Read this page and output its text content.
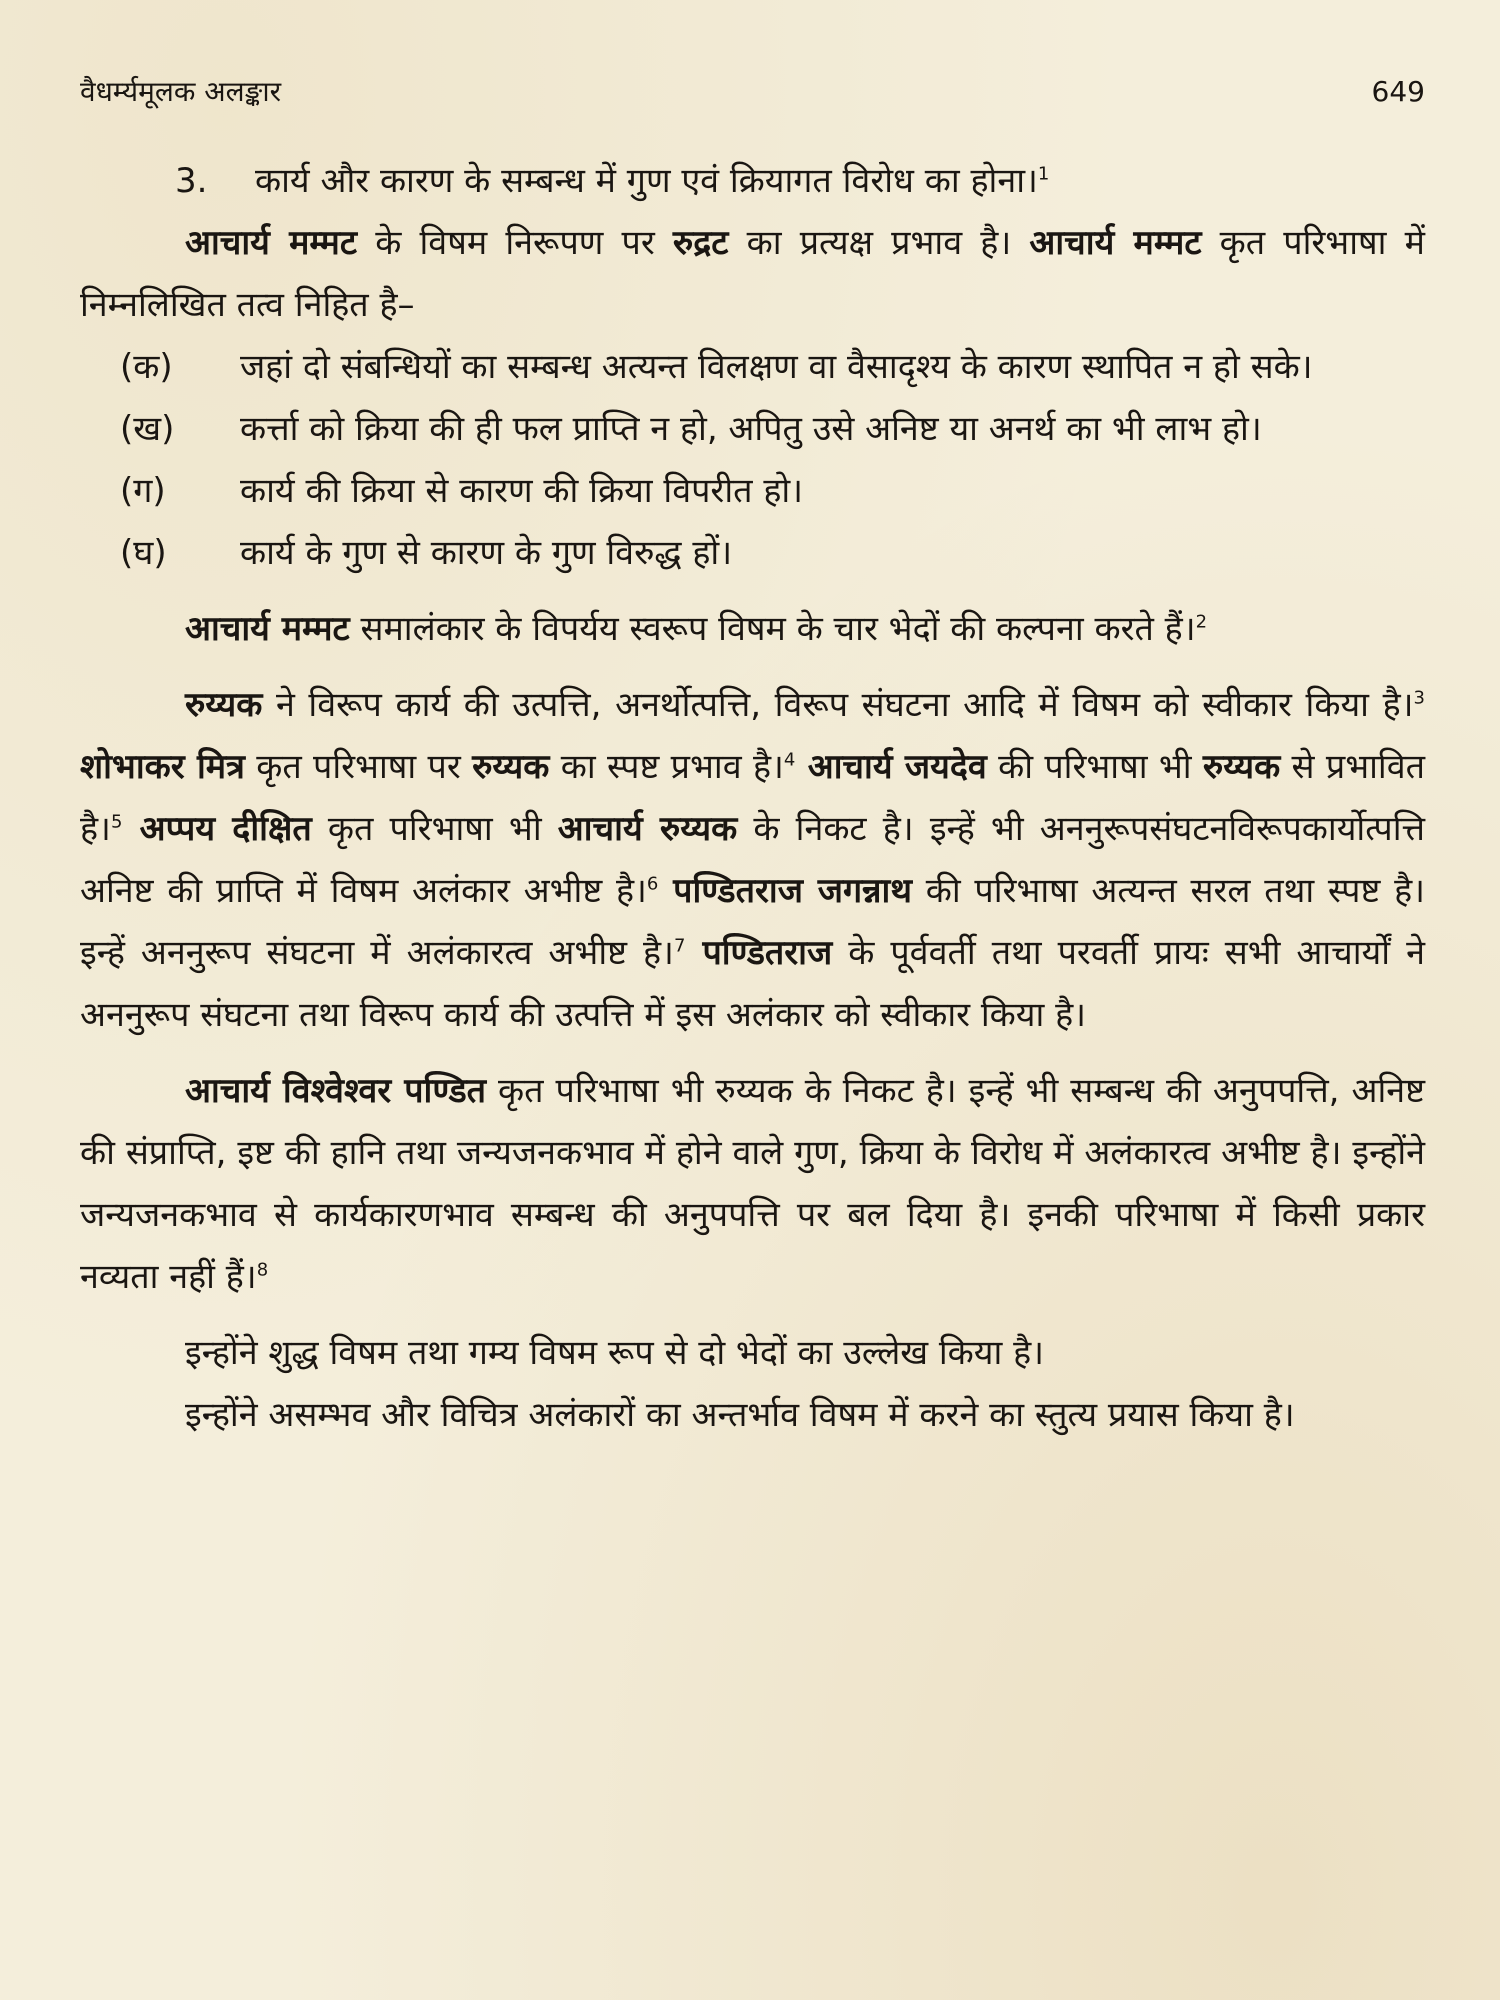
वैधर्म्यमूलक अलङ्कार	649
3.	कार्य और कारण के सम्बन्ध में गुण एवं क्रियागत विरोध का होना।$^1$

आचार्य मम्मट के विषम निरूपण पर रुद्रट का प्रत्यक्ष प्रभाव है। आचार्य मम्मट कृत परिभाषा में निम्नलिखित तत्व निहित है–

(क)	जहां दो संबन्धियों का सम्बन्ध अत्यन्त विलक्षण वा वैसादृश्य के कारण स्थापित न हो सके।
(ख)	कर्त्ता को क्रिया की ही फल प्राप्ति न हो, अपितु उसे अनिष्ट या अनर्थ का भी लाभ हो।
(ग)	कार्य की क्रिया से कारण की क्रिया विपरीत हो।
(घ)	कार्य के गुण से कारण के गुण विरुद्ध हों।

आचार्य मम्मट समालंकार के विपर्यय स्वरूप विषम के चार भेदों की कल्पना करते हैं।$^2$

रुय्यक ने विरूप कार्य की उत्पत्ति, अनर्थोत्पत्ति, विरूप संघटना आदि में विषम को स्वीकार किया है।$^3$ शोभाकर मित्र कृत परिभाषा पर रुय्यक का स्पष्ट प्रभाव है।$^4$ आचार्य जयदेव की परिभाषा भी रुय्यक से प्रभावित है।$^5$ अप्पय दीक्षित कृत परिभाषा भी आचार्य रुय्यक के निकट है। इन्हें भी अननुरूपसंघटनविरूपकार्योत्पत्ति अनिष्ट की प्राप्ति में विषम अलंकार अभीष्ट है।$^6$ पण्डितराज जगन्नाथ की परिभाषा अत्यन्त सरल तथा स्पष्ट है। इन्हें अननुरूप संघटना में अलंकारत्व अभीष्ट है।$^7$ पण्डितराज के पूर्ववर्ती तथा परवर्ती प्रायः सभी आचार्यों ने अननुरूप संघटना तथा विरूप कार्य की उत्पत्ति में इस अलंकार को स्वीकार किया है।

आचार्य विश्वेश्वर पण्डित कृत परिभाषा भी रुय्यक के निकट है। इन्हें भी सम्बन्ध की अनुपपत्ति, अनिष्ट की संप्राप्ति, इष्ट की हानि तथा जन्यजनकभाव में होने वाले गुण, क्रिया के विरोध में अलंकारत्व अभीष्ट है। इन्होंने जन्यजनकभाव से कार्यकारणभाव सम्बन्ध की अनुपपत्ति पर बल दिया है। इनकी परिभाषा में किसी प्रकार नव्यता नहीं हैं।$^8$

इन्होंने शुद्ध विषम तथा गम्य विषम रूप से दो भेदों का उल्लेख किया है।

इन्होंने असम्भव और विचित्र अलंकारों का अन्तर्भाव विषम में करने का स्तुत्य प्रयास किया है।
